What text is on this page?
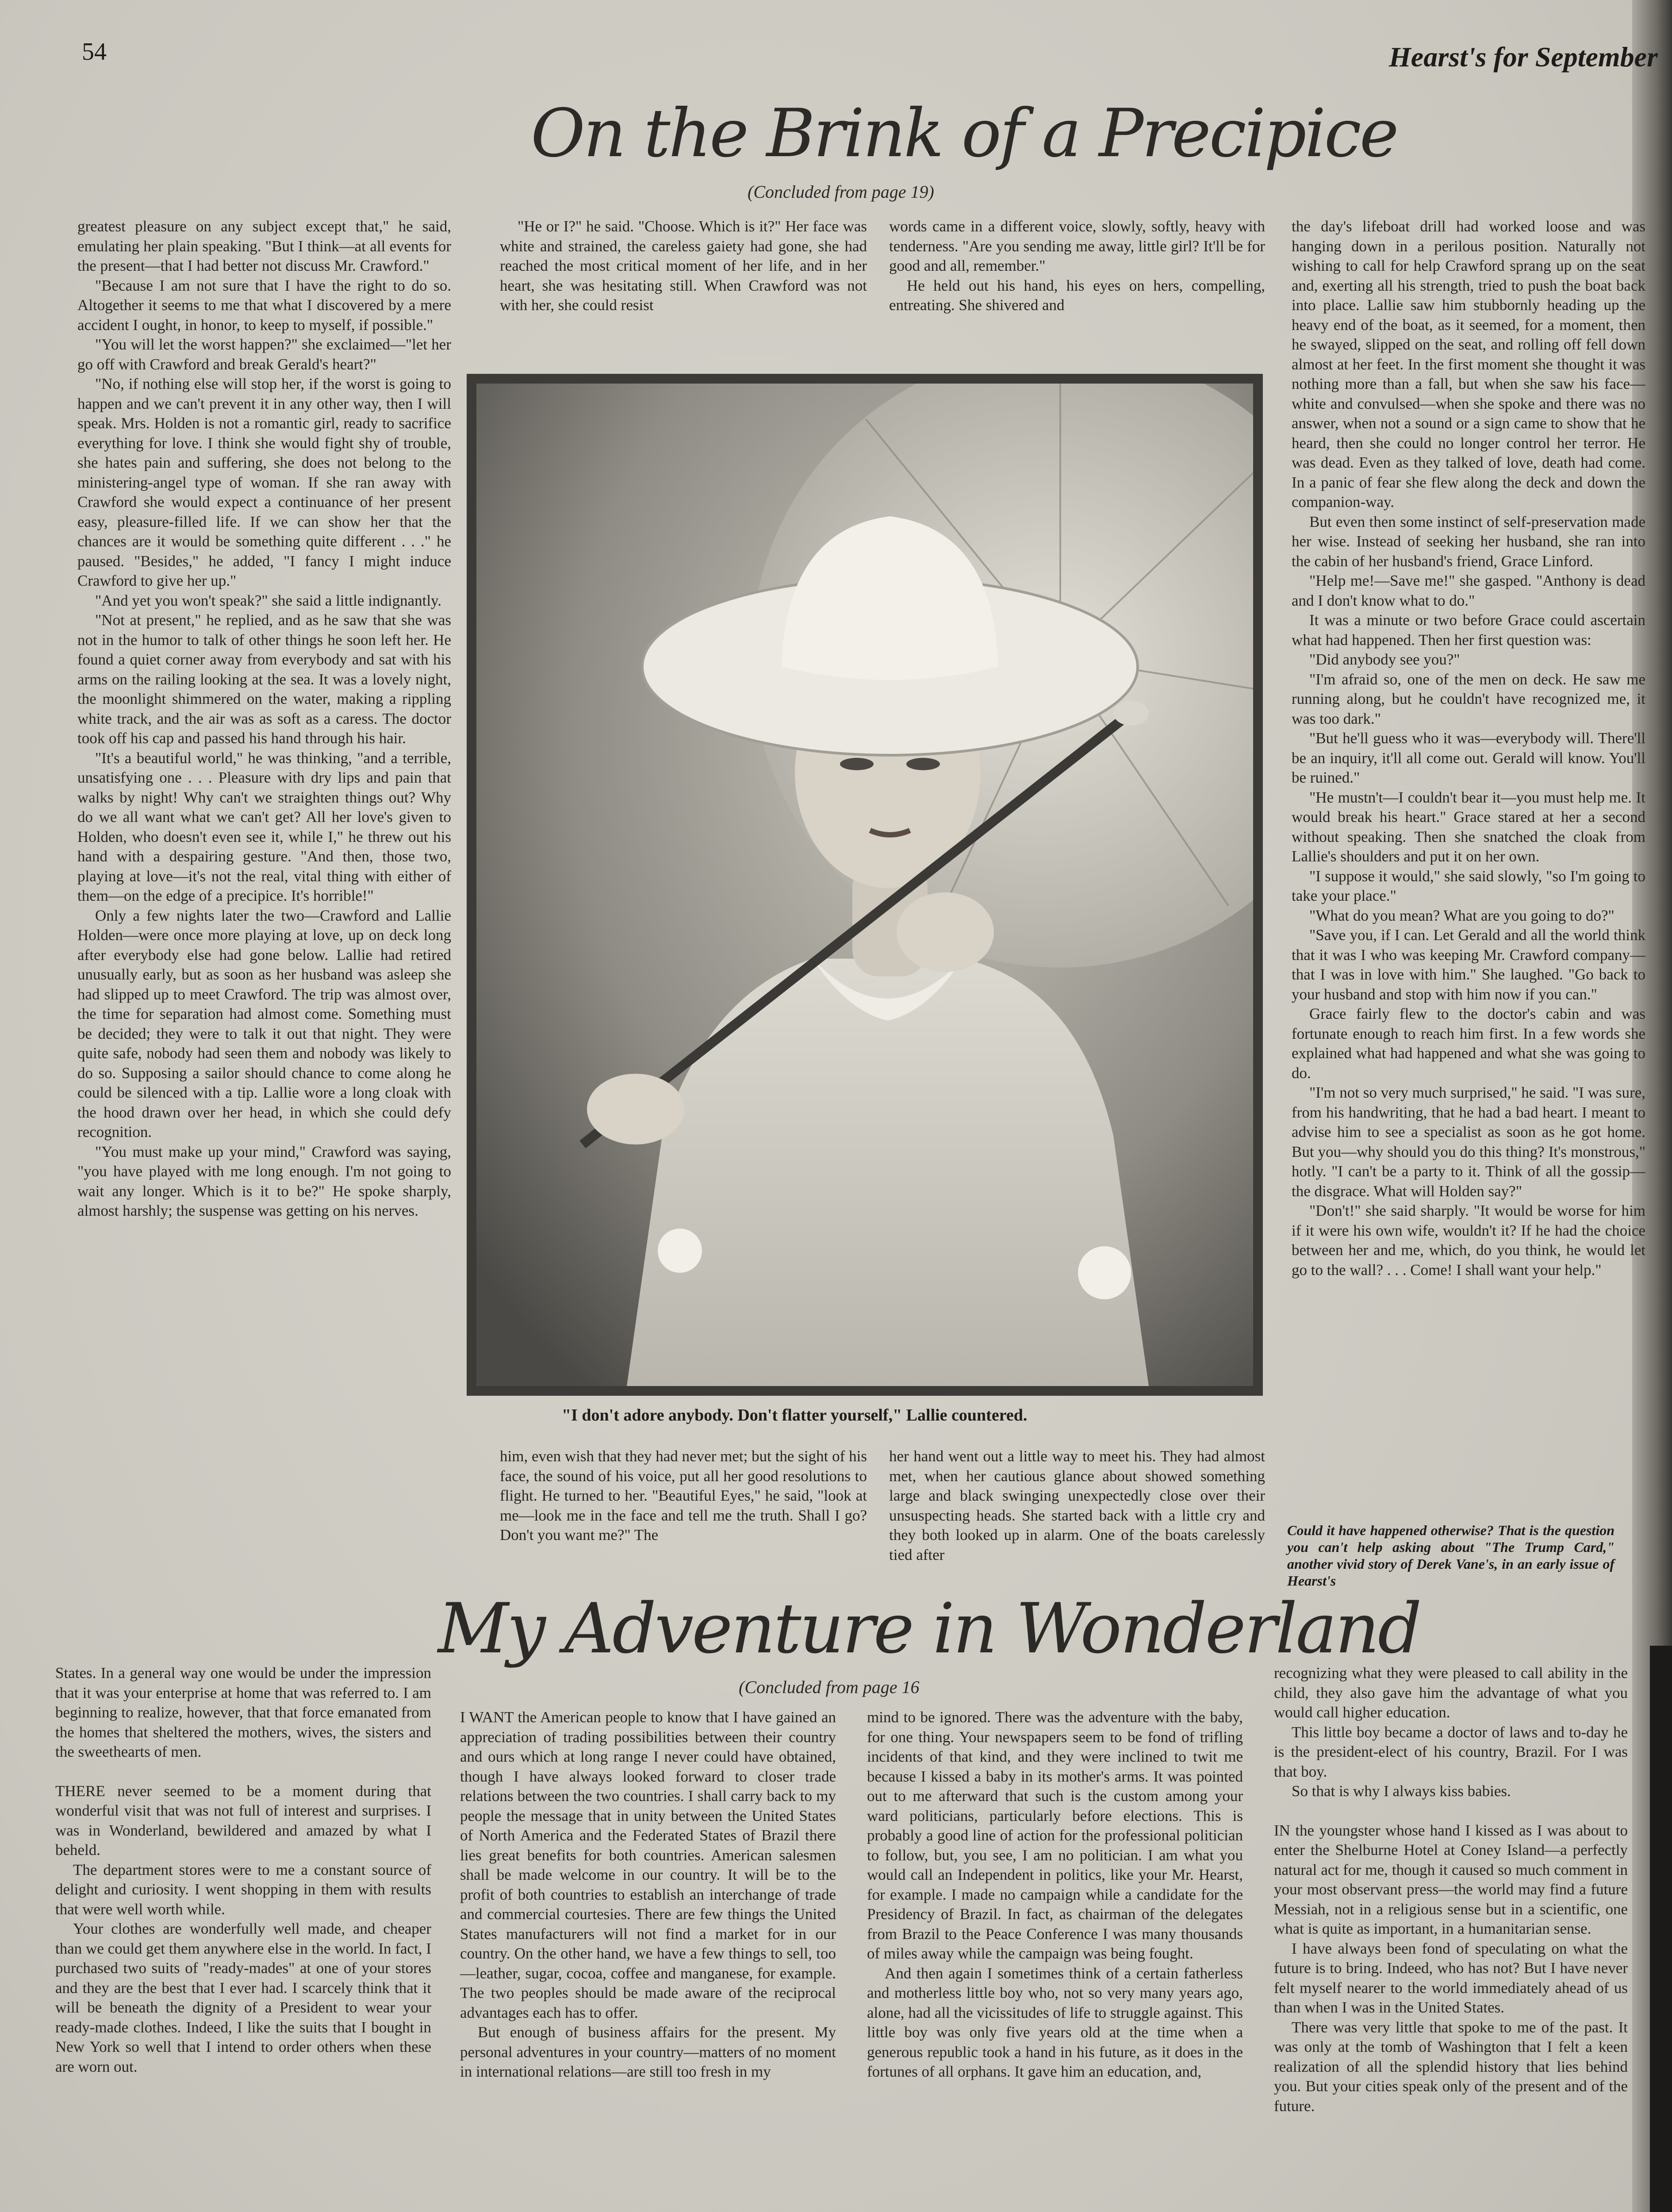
54	Hearst's for September
On the Brink of a Precipice
(Concluded from page 19)

greatest pleasure on any subject except that," he said, emulating her plain speaking. "But I think—at all events for the present—that I had better not discuss Mr. Crawford."

"Because I am not sure that I have the right to do so. Altogether it seems to me that what I discovered by a mere accident I ought, in honor, to keep to myself, if possible."

"You will let the worst happen?" she exclaimed—"let her go off with Crawford and break Gerald's heart?"

"No, if nothing else will stop her, if the worst is going to happen and we can't prevent it in any other way, then I will speak. Mrs. Holden is not a romantic girl, ready to sacrifice everything for love. I think she would fight shy of trouble, she hates pain and suffering, she does not belong to the ministering-angel type of woman. If she ran away with Crawford she would expect a continuance of her present easy, pleasure-filled life. If we can show her that the chances are it would be something quite different . . ." he paused. "Besides," he added, "I fancy I might induce Crawford to give her up."

"And yet you won't speak?" she said a little indignantly.

"Not at present," he replied, and as he saw that she was not in the humor to talk of other things he soon left her. He found a quiet corner away from everybody and sat with his arms on the railing looking at the sea. It was a lovely night, the moonlight shimmered on the water, making a rippling white track, and the air was as soft as a caress. The doctor took off his cap and passed his hand through his hair.

"It's a beautiful world," he was thinking, "and a terrible, unsatisfying one . . . Pleasure with dry lips and pain that walks by night! Why can't we straighten things out? Why do we all want what we can't get? All her love's given to Holden, who doesn't even see it, while I," he threw out his hand with a despairing gesture. "And then, those two, playing at love—it's not the real, vital thing with either of them—on the edge of a precipice. It's horrible!"

Only a few nights later the two—Crawford and Lallie Holden—were once more playing at love, up on deck long after everybody else had gone below. Lallie had retired unusually early, but as soon as her husband was asleep she had slipped up to meet Crawford. The trip was almost over, the time for separation had almost come. Something must be decided; they were to talk it out that night. They were quite safe, nobody had seen them and nobody was likely to do so. Supposing a sailor should chance to come along he could be silenced with a tip. Lallie wore a long cloak with the hood drawn over her head, in which she could defy recognition.

"You must make up your mind," Crawford was saying, "you have played with me long enough. I'm not going to wait any longer. Which is it to be?" He spoke sharply, almost harshly; the suspense was getting on his nerves.

"He or I?" he said. "Choose. Which is it?" Her face was white and strained, the careless gaiety had gone, she had reached the most critical moment of her life, and in her heart, she was hesitating still. When Crawford was not with her, she could resist

words came in a different voice, slowly, softly, heavy with tenderness. "Are you sending me away, little girl? It'll be for good and all, remember."

He held out his hand, his eyes on hers, compelling, entreating. She shivered and

the day's lifeboat drill had worked loose and was hanging down in a perilous position. Naturally not wishing to call for help Crawford sprang up on the seat and, exerting all his strength, tried to push the boat back into place. Lallie saw him stubbornly heading up the heavy end of the boat, as it seemed, for a moment, then he swayed, slipped on the seat, and rolling off fell down almost at her feet. In the first moment she thought it was nothing more than a fall, but when she saw his face—white and convulsed—when she spoke and there was no answer, when not a sound or a sign came to show that he heard, then she could no longer control her terror. He was dead. Even as they talked of love, death had come. In a panic of fear she flew along the deck and down the companion-way.

But even then some instinct of self-preservation made her wise. Instead of seeking her husband, she ran into the cabin of her husband's friend, Grace Linford.

"Help me!—Save me!" she gasped. "Anthony is dead and I don't know what to do."

It was a minute or two before Grace could ascertain what had happened. Then her first question was:

"Did anybody see you?"

"I'm afraid so, one of the men on deck. He saw me running along, but he couldn't have recognized me, it was too dark."

"But he'll guess who it was—everybody will. There'll be an inquiry, it'll all come out. Gerald will know. You'll be ruined."

"He mustn't—I couldn't bear it—you must help me. It would break his heart." Grace stared at her a second without speaking. Then she snatched the cloak from Lallie's shoulders and put it on her own.

"I suppose it would," she said slowly, "so I'm going to take your place."

"What do you mean? What are you going to do?"

"Save you, if I can. Let Gerald and all the world think that it was I who was keeping Mr. Crawford company—that I was in love with him." She laughed. "Go back to your husband and stop with him now if you can."

Grace fairly flew to the doctor's cabin and was fortunate enough to reach him first. In a few words she explained what had happened and what she was going to do.

"I'm not so very much surprised," he said. "I was sure, from his handwriting, that he had a bad heart. I meant to advise him to see a specialist as soon as he got home. But you—why should you do this thing? It's monstrous," hotly. "I can't be a party to it. Think of all the gossip—the disgrace. What will Holden say?"

"Don't!" she said sharply. "It would be worse for him if it were his own wife, wouldn't it? If he had the choice between her and me, which, do you think, he would let go to the wall? . . . Come! I shall want your help."

"I don't adore anybody. Don't flatter yourself," Lallie countered.

him, even wish that they had never met; but the sight of his face, the sound of his voice, put all her good resolutions to flight. He turned to her. "Beautiful Eyes," he said, "look at me—look me in the face and tell me the truth. Shall I go? Don't you want me?" The

her hand went out a little way to meet his. They had almost met, when her cautious glance about showed something large and black swinging unexpectedly close over their unsuspecting heads. She started back with a little cry and they both looked up in alarm. One of the boats carelessly tied after

Could it have happened otherwise? That is the question you can't help asking about "The Trump Card," another vivid story of Derek Vane's, in an early issue of Hearst's
My Adventure in Wonderland
(Concluded from page 16

States. In a general way one would be under the impression that it was your enterprise at home that was referred to. I am beginning to realize, however, that that force emanated from the homes that sheltered the mothers, wives, the sisters and the sweethearts of men.

THERE never seemed to be a moment during that wonderful visit that was not full of interest and surprises. I was in Wonderland, bewildered and amazed by what I beheld.

The department stores were to me a constant source of delight and curiosity. I went shopping in them with results that were well worth while.

Your clothes are wonderfully well made, and cheaper than we could get them anywhere else in the world. In fact, I purchased two suits of "ready-mades" at one of your stores and they are the best that I ever had. I scarcely think that it will be beneath the dignity of a President to wear your ready-made clothes. Indeed, I like the suits that I bought in New York so well that I intend to order others when these are worn out.

I WANT the American people to know that I have gained an appreciation of trading possibilities between their country and ours which at long range I never could have obtained, though I have always looked forward to closer trade relations between the two countries. I shall carry back to my people the message that in unity between the United States of North America and the Federated States of Brazil there lies great benefits for both countries. American salesmen shall be made welcome in our country. It will be to the profit of both countries to establish an interchange of trade and commercial courtesies. There are few things the United States manufacturers will not find a market for in our country. On the other hand, we have a few things to sell, too—leather, sugar, cocoa, coffee and manganese, for example. The two peoples should be made aware of the reciprocal advantages each has to offer.

But enough of business affairs for the present. My personal adventures in your country—matters of no moment in international relations—are still too fresh in my

mind to be ignored. There was the adventure with the baby, for one thing. Your newspapers seem to be fond of trifling incidents of that kind, and they were inclined to twit me because I kissed a baby in its mother's arms. It was pointed out to me afterward that such is the custom among your ward politicians, particularly before elections. This is probably a good line of action for the professional politician to follow, but, you see, I am no politician. I am what you would call an Independent in politics, like your Mr. Hearst, for example. I made no campaign while a candidate for the Presidency of Brazil. In fact, as chairman of the delegates from Brazil to the Peace Conference I was many thousands of miles away while the campaign was being fought.

And then again I sometimes think of a certain fatherless and motherless little boy who, not so very many years ago, alone, had all the vicissitudes of life to struggle against. This little boy was only five years old at the time when a generous republic took a hand in his future, as it does in the fortunes of all orphans. It gave him an education, and,

recognizing what they were pleased to call ability in the child, they also gave him the advantage of what you would call higher education.

This little boy became a doctor of laws and to-day he is the president-elect of his country, Brazil. For I was that boy.

So that is why I always kiss babies.

IN the youngster whose hand I kissed as I was about to enter the Shelburne Hotel at Coney Island—a perfectly natural act for me, though it caused so much comment in your most observant press—the world may find a future Messiah, not in a religious sense but in a scientific, one what is quite as important, in a humanitarian sense.

I have always been fond of speculating on what the future is to bring. Indeed, who has not? But I have never felt myself nearer to the world immediately ahead of us than when I was in the United States.

There was very little that spoke to me of the past. It was only at the tomb of Washington that I felt a keen realization of all the splendid history that lies behind you. But your cities speak only of the present and of the future.
